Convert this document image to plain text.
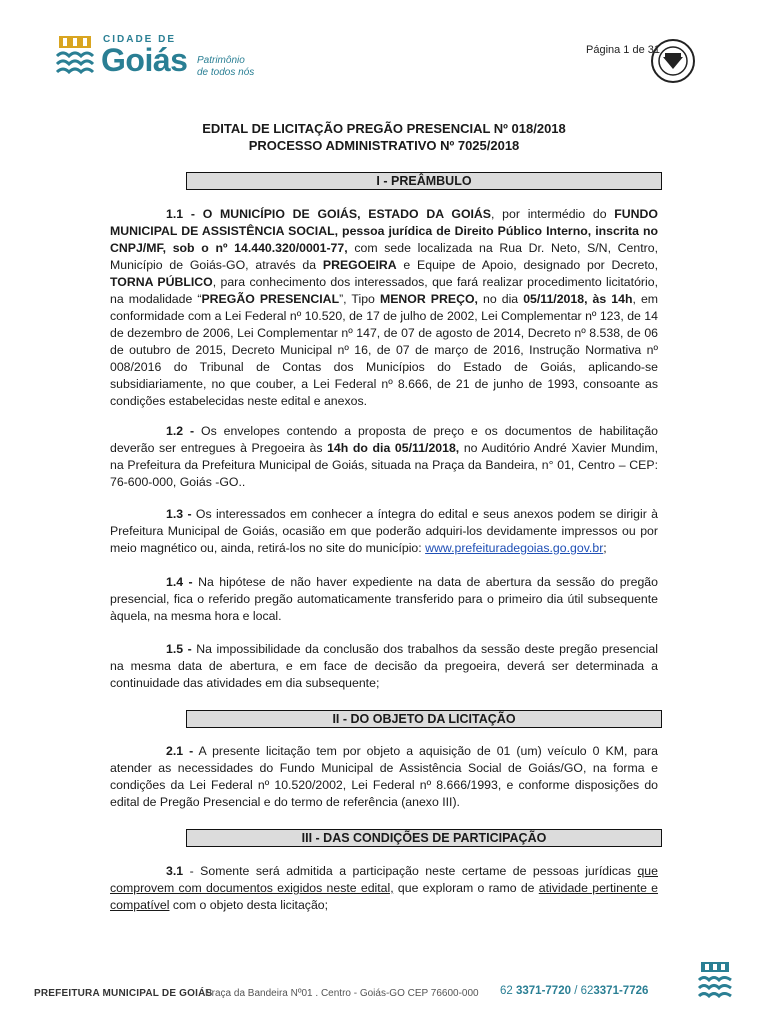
CIDADE DE
Goiás Patrimônio
de todos nós
Página 1 de 31
EDITAL DE LICITAÇÃO PREGÃO PRESENCIAL Nº 018/2018
PROCESSO ADMINISTRATIVO Nº 7025/2018
I - PREÂMBULO
1.1 - O MUNICÍPIO DE GOIÁS, ESTADO DA GOIÁS, por intermédio do FUNDO MUNICIPAL DE ASSISTÊNCIA SOCIAL, pessoa jurídica de Direito Público Interno, inscrita no CNPJ/MF, sob o nº 14.440.320/0001-77, com sede localizada na Rua Dr. Neto, S/N, Centro, Município de Goiás-GO, através da PREGOEIRA e Equipe de Apoio, designado por Decreto, TORNA PÚBLICO, para conhecimento dos interessados, que fará realizar procedimento licitatório, na modalidade “PREGÃO PRESENCIAL”, Tipo MENOR PREÇO, no dia 05/11/2018, às 14h, em conformidade com a Lei Federal nº 10.520, de 17 de julho de 2002, Lei Complementar nº 123, de 14 de dezembro de 2006, Lei Complementar nº 147, de 07 de agosto de 2014, Decreto nº 8.538, de 06 de outubro de 2015, Decreto Municipal nº 16, de 07 de março de 2016, Instrução Normativa nº 008/2016 do Tribunal de Contas dos Municípios do Estado de Goiás, aplicando-se subsidiariamente, no que couber, a Lei Federal nº 8.666, de 21 de junho de 1993, consoante as condições estabelecidas neste edital e anexos.
1.2 - Os envelopes contendo a proposta de preço e os documentos de habilitação deverão ser entregues à Pregoeira às 14h do dia 05/11/2018, no Auditório André Xavier Mundim, na Prefeitura da Prefeitura Municipal de Goiás, situada na Praça da Bandeira, n° 01, Centro – CEP: 76-600-000, Goiás -GO..
1.3 - Os interessados em conhecer a íntegra do edital e seus anexos podem se dirigir à Prefeitura Municipal de Goiás, ocasião em que poderão adquiri-los devidamente impressos ou por meio magnético ou, ainda, retirá-los no site do município: www.prefeituradegoias.go.gov.br;
1.4 - Na hipótese de não haver expediente na data de abertura da sessão do pregão presencial, fica o referido pregão automaticamente transferido para o primeiro dia útil subsequente àquela, na mesma hora e local.
1.5 - Na impossibilidade da conclusão dos trabalhos da sessão deste pregão presencial na mesma data de abertura, e em face de decisão da pregoeira, deverá ser determinada a continuidade das atividades em dia subsequente;
II - DO OBJETO DA LICITAÇÃO
2.1 - A presente licitação tem por objeto a aquisição de 01 (um) veículo 0 KM, para atender as necessidades do Fundo Municipal de Assistência Social de Goiás/GO, na forma e condições da Lei Federal nº 10.520/2002, Lei Federal nº 8.666/1993, e conforme disposições do edital de Pregão Presencial e do termo de referência (anexo III).
III - DAS CONDIÇÕES DE PARTICIPAÇÃO
3.1 - Somente será admitida a participação neste certame de pessoas jurídicas que comprovem com documentos exigidos neste edital, que exploram o ramo de atividade pertinente e compatível com o objeto desta licitação;
PREFEITURA MUNICIPAL DE GOIÁS
Praça da Bandeira Nº01 . Centro - Goiás-GO CEP 76600-000 62 3371-7720 / 623371-7726
